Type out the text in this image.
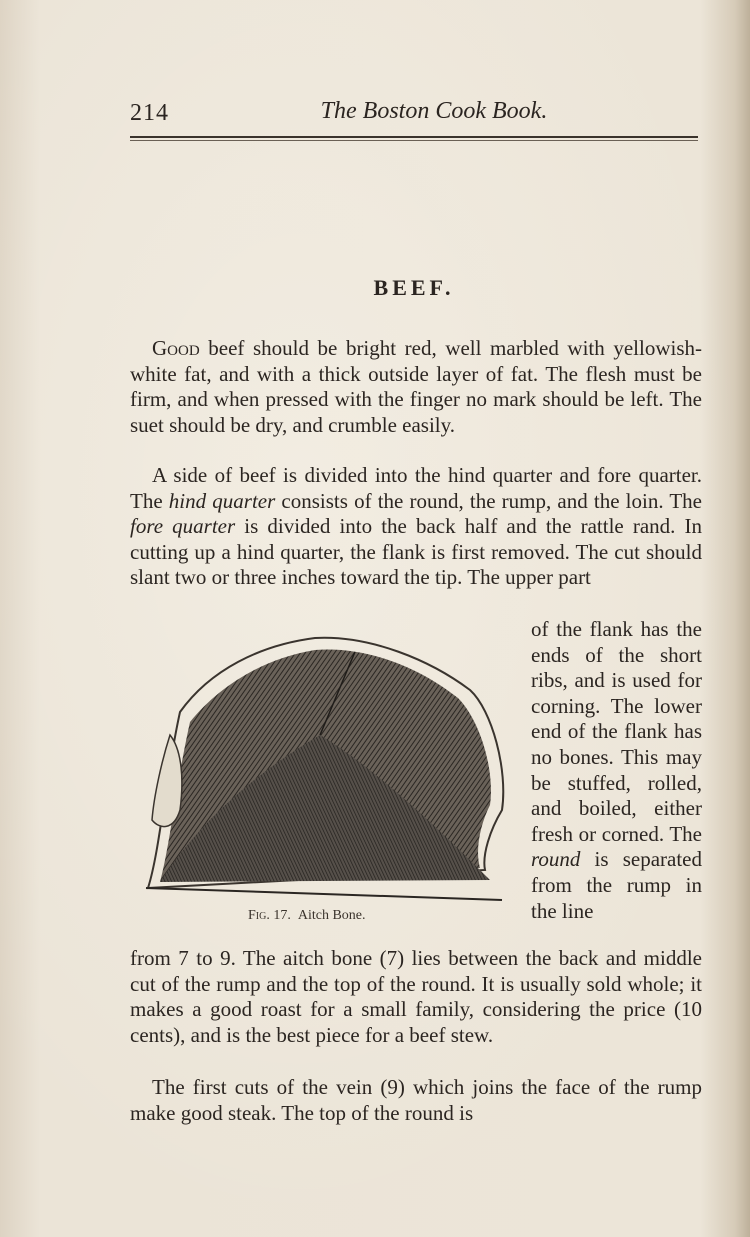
214	The Boston Cook Book.
BEEF.

Good beef should be bright red, well marbled with yellowish-white fat, and with a thick outside layer of fat. The flesh must be firm, and when pressed with the finger no mark should be left. The suet should be dry, and crumble easily.

A side of beef is divided into the hind quarter and fore quarter. The hind quarter consists of the round, the rump, and the loin. The fore quarter is divided into the back half and the rattle rand. In cutting up a hind quarter, the flank is first removed. The cut should slant two or three inches toward the tip. The upper part

of the flank has the ends of the short ribs, and is used for corning. The lower end of the flank has no bones. This may be stuffed, rolled, and boiled, either fresh or corned. The round is separated from the rump in the line

Fig. 17. Aitch Bone.

from 7 to 9. The aitch bone (7) lies between the back and middle cut of the rump and the top of the round. It is usually sold whole; it makes a good roast for a small family, considering the price (10 cents), and is the best piece for a beef stew.

The first cuts of the vein (9) which joins the face of the rump make good steak. The top of the round is
